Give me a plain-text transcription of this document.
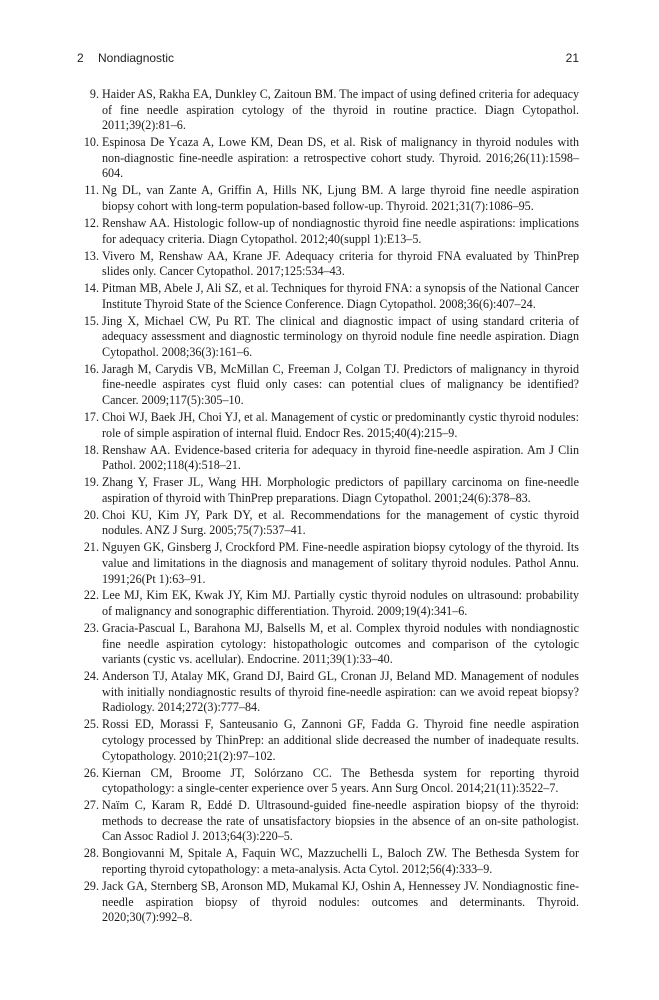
2 Nondiagnostic	21
9. Haider AS, Rakha EA, Dunkley C, Zaitoun BM. The impact of using defined criteria for adequacy of fine needle aspiration cytology of the thyroid in routine practice. Diagn Cytopathol. 2011;39(2):81–6.
10. Espinosa De Ycaza A, Lowe KM, Dean DS, et al. Risk of malignancy in thyroid nodules with non-diagnostic fine-needle aspiration: a retrospective cohort study. Thyroid. 2016;26(11):1598–604.
11. Ng DL, van Zante A, Griffin A, Hills NK, Ljung BM. A large thyroid fine needle aspiration biopsy cohort with long-term population-based follow-up. Thyroid. 2021;31(7):1086–95.
12. Renshaw AA. Histologic follow-up of nondiagnostic thyroid fine needle aspirations: implications for adequacy criteria. Diagn Cytopathol. 2012;40(suppl 1):E13–5.
13. Vivero M, Renshaw AA, Krane JF. Adequacy criteria for thyroid FNA evaluated by ThinPrep slides only. Cancer Cytopathol. 2017;125:534–43.
14. Pitman MB, Abele J, Ali SZ, et al. Techniques for thyroid FNA: a synopsis of the National Cancer Institute Thyroid State of the Science Conference. Diagn Cytopathol. 2008;36(6):407–24.
15. Jing X, Michael CW, Pu RT. The clinical and diagnostic impact of using standard criteria of adequacy assessment and diagnostic terminology on thyroid nodule fine needle aspiration. Diagn Cytopathol. 2008;36(3):161–6.
16. Jaragh M, Carydis VB, McMillan C, Freeman J, Colgan TJ. Predictors of malignancy in thyroid fine-needle aspirates cyst fluid only cases: can potential clues of malignancy be identified? Cancer. 2009;117(5):305–10.
17. Choi WJ, Baek JH, Choi YJ, et al. Management of cystic or predominantly cystic thyroid nodules: role of simple aspiration of internal fluid. Endocr Res. 2015;40(4):215–9.
18. Renshaw AA. Evidence-based criteria for adequacy in thyroid fine-needle aspiration. Am J Clin Pathol. 2002;118(4):518–21.
19. Zhang Y, Fraser JL, Wang HH. Morphologic predictors of papillary carcinoma on fine-needle aspiration of thyroid with ThinPrep preparations. Diagn Cytopathol. 2001;24(6):378–83.
20. Choi KU, Kim JY, Park DY, et al. Recommendations for the management of cystic thyroid nodules. ANZ J Surg. 2005;75(7):537–41.
21. Nguyen GK, Ginsberg J, Crockford PM. Fine-needle aspiration biopsy cytology of the thyroid. Its value and limitations in the diagnosis and management of solitary thyroid nodules. Pathol Annu. 1991;26(Pt 1):63–91.
22. Lee MJ, Kim EK, Kwak JY, Kim MJ. Partially cystic thyroid nodules on ultrasound: probability of malignancy and sonographic differentiation. Thyroid. 2009;19(4):341–6.
23. Gracia-Pascual L, Barahona MJ, Balsells M, et al. Complex thyroid nodules with nondiagnostic fine needle aspiration cytology: histopathologic outcomes and comparison of the cytologic variants (cystic vs. acellular). Endocrine. 2011;39(1):33–40.
24. Anderson TJ, Atalay MK, Grand DJ, Baird GL, Cronan JJ, Beland MD. Management of nodules with initially nondiagnostic results of thyroid fine-needle aspiration: can we avoid repeat biopsy? Radiology. 2014;272(3):777–84.
25. Rossi ED, Morassi F, Santeusanio G, Zannoni GF, Fadda G. Thyroid fine needle aspiration cytology processed by ThinPrep: an additional slide decreased the number of inadequate results. Cytopathology. 2010;21(2):97–102.
26. Kiernan CM, Broome JT, Solórzano CC. The Bethesda system for reporting thyroid cytopathology: a single-center experience over 5 years. Ann Surg Oncol. 2014;21(11):3522–7.
27. Naïm C, Karam R, Eddé D. Ultrasound-guided fine-needle aspiration biopsy of the thyroid: methods to decrease the rate of unsatisfactory biopsies in the absence of an on-site pathologist. Can Assoc Radiol J. 2013;64(3):220–5.
28. Bongiovanni M, Spitale A, Faquin WC, Mazzuchelli L, Baloch ZW. The Bethesda System for reporting thyroid cytopathology: a meta-analysis. Acta Cytol. 2012;56(4):333–9.
29. Jack GA, Sternberg SB, Aronson MD, Mukamal KJ, Oshin A, Hennessey JV. Nondiagnostic fine-needle aspiration biopsy of thyroid nodules: outcomes and determinants. Thyroid. 2020;30(7):992–8.
